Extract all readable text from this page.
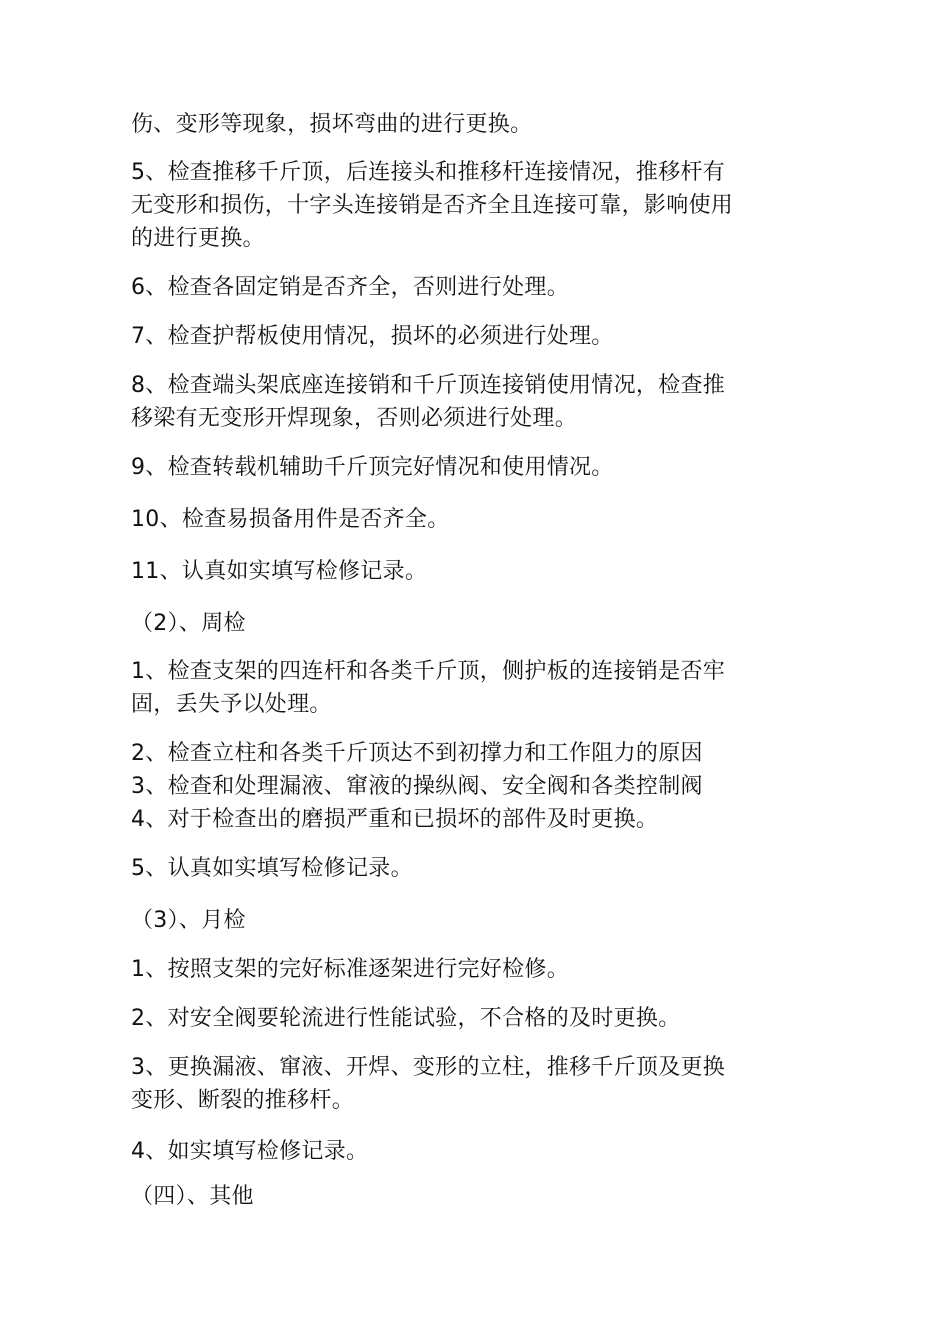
伤、变形等现象，损坏弯曲的进行更换。
5、检查推移千斤顶，后连接头和推移杆连接情况，推移杆有
无变形和损伤，十字头连接销是否齐全且连接可靠，影响使用
的进行更换。
6、检查各固定销是否齐全，否则进行处理。
7、检查护帮板使用情况，损坏的必须进行处理。
8、检查端头架底座连接销和千斤顶连接销使用情况，检查推
移梁有无变形开焊现象，否则必须进行处理。
9、检查转载机辅助千斤顶完好情况和使用情况。
10、检查易损备用件是否齐全。
11、认真如实填写检修记录。
（2）、周检
1、检查支架的四连杆和各类千斤顶，侧护板的连接销是否牢
固，丢失予以处理。
2、检查立柱和各类千斤顶达不到初撑力和工作阻力的原因
3、检查和处理漏液、窜液的操纵阀、安全阀和各类控制阀
4、对于检查出的磨损严重和已损坏的部件及时更换。
5、认真如实填写检修记录。
（3）、月检
1、按照支架的完好标准逐架进行完好检修。
2、对安全阀要轮流进行性能试验，不合格的及时更换。
3、更换漏液、窜液、开焊、变形的立柱，推移千斤顶及更换
变形、断裂的推移杆。
4、如实填写检修记录。
（四）、其他
